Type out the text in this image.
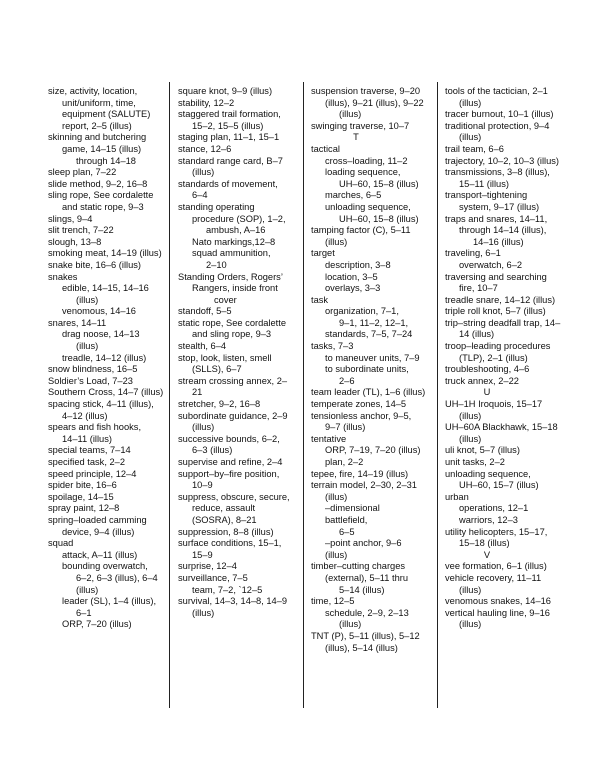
size, activity, location,
unit/uniform, time,
equipment (SALUTE)
report, 2–5 (illus)
skinning and butchering
game, 14–15 (illus)
through 14–18
sleep plan, 7–22
slide method, 9–2, 16–8
sling rope, See cordalette
and static rope, 9–3
slings, 9–4
slit trench, 7–22
slough, 13–8
smoking meat, 14–19 (illus)
snake bite, 16–6 (illus)
snakes
edible, 14–15, 14–16
(illus)
venomous, 14–16
snares, 14–11
drag noose, 14–13
(illus)
treadle, 14–12 (illus)
snow blindness, 16–5
Soldier’s Load, 7–23
Southern Cross, 14–7 (illus)
spacing stick, 4–11 (illus),
4–12 (illus)
spears and fish hooks,
14–11 (illus)
special teams, 7–14
specified task, 2–2
speed principle, 12–4
spider bite, 16–6
spoilage, 14–15
spray paint, 12–8
spring–loaded camming
device, 9–4 (illus)
squad
attack, A–11 (illus)
bounding overwatch,
6–2, 6–3 (illus), 6–4
(illus)
leader (SL), 1–4 (illus),
6–1
ORP, 7–20 (illus)
square knot, 9–9 (illus)
stability, 12–2
staggered trail formation,
15–2, 15–5 (illus)
staging plan, 11–1, 15–1
stance, 12–6
standard range card, B–7
(illus)
standards of movement,
6–4
standing operating
procedure (SOP), 1–2,
ambush, A–16
Nato markings,12–8
squad ammunition,
2–10
Standing Orders, Rogers’
Rangers, inside front
cover
standoff, 5–5
static rope, See cordalette
and sling rope, 9–3
stealth, 6–4
stop, look, listen, smell
(SLLS), 6–7
stream crossing annex, 2–
21
stretcher, 9–2, 16–8
subordinate guidance, 2–9
(illus)
successive bounds, 6–2,
6–3 (illus)
supervise and refine, 2–4
support–by–fire position,
10–9
suppress, obscure, secure,
reduce, assault
(SOSRA), 8–21
suppression, 8–8 (illus)
surface conditions, 15–1,
15–9
surprise, 12–4
surveillance, 7–5
team, 7–2, `12–5
survival, 14–3, 14–8, 14–9
(illus)
suspension traverse, 9–20
(illus), 9–21 (illus), 9–22
(illus)
swinging traverse, 10–7
T
tactical
cross–loading, 11–2
loading sequence,
UH–60, 15–8 (illus)
marches, 6–5
unloading sequence,
UH–60, 15–8 (illus)
tamping factor (C), 5–11
(illus)
target
description, 3–8
location, 3–5
overlays, 3–3
task
organization, 7–1,
9–1, 11–2, 12–1,
standards, 7–5, 7–24
tasks, 7–3
to maneuver units, 7–9
to subordinate units,
2–6
team leader (TL), 1–6 (illus)
temperate zones, 14–5
tensionless anchor, 9–5,
9–7 (illus)
tentative
ORP, 7–19, 7–20 (illus)
plan, 2–2
tepee, fire, 14–19 (illus)
terrain model, 2–30, 2–31
(illus)
–dimensional
battlefield,
6–5
–point anchor, 9–6
(illus)
timber–cutting charges
(external), 5–11 thru
5–14 (illus)
time, 12–5
schedule, 2–9, 2–13
(illus)
TNT (P), 5–11 (illus), 5–12
(illus), 5–14 (illus)
tools of the tactician, 2–1
(illus)
tracer burnout, 10–1 (illus)
traditional protection, 9–4
(illus)
trail team, 6–6
trajectory, 10–2, 10–3 (illus)
transmissions, 3–8 (illus),
15–11 (illus)
transport–tightening
system, 9–17 (illus)
traps and snares, 14–11,
through 14–14 (illus),
14–16 (illus)
traveling, 6–1
overwatch, 6–2
traversing and searching
fire, 10–7
treadle snare, 14–12 (illus)
triple roll knot, 5–7 (illus)
trip–string deadfall trap, 14–
14 (illus)
troop–leading procedures
(TLP), 2–1 (illus)
troubleshooting, 4–6
truck annex, 2–22
U
UH–1H Iroquois, 15–17
(illus)
UH–60A Blackhawk, 15–18
(illus)
uli knot, 5–7 (illus)
unit tasks, 2–2
unloading sequence,
UH–60, 15–7 (illus)
urban
operations, 12–1
warriors, 12–3
utility helicopters, 15–17,
15–18 (illus)
V
vee formation, 6–1 (illus)
vehicle recovery, 11–11
(illus)
venomous snakes, 14–16
vertical hauling line, 9–16
(illus)
